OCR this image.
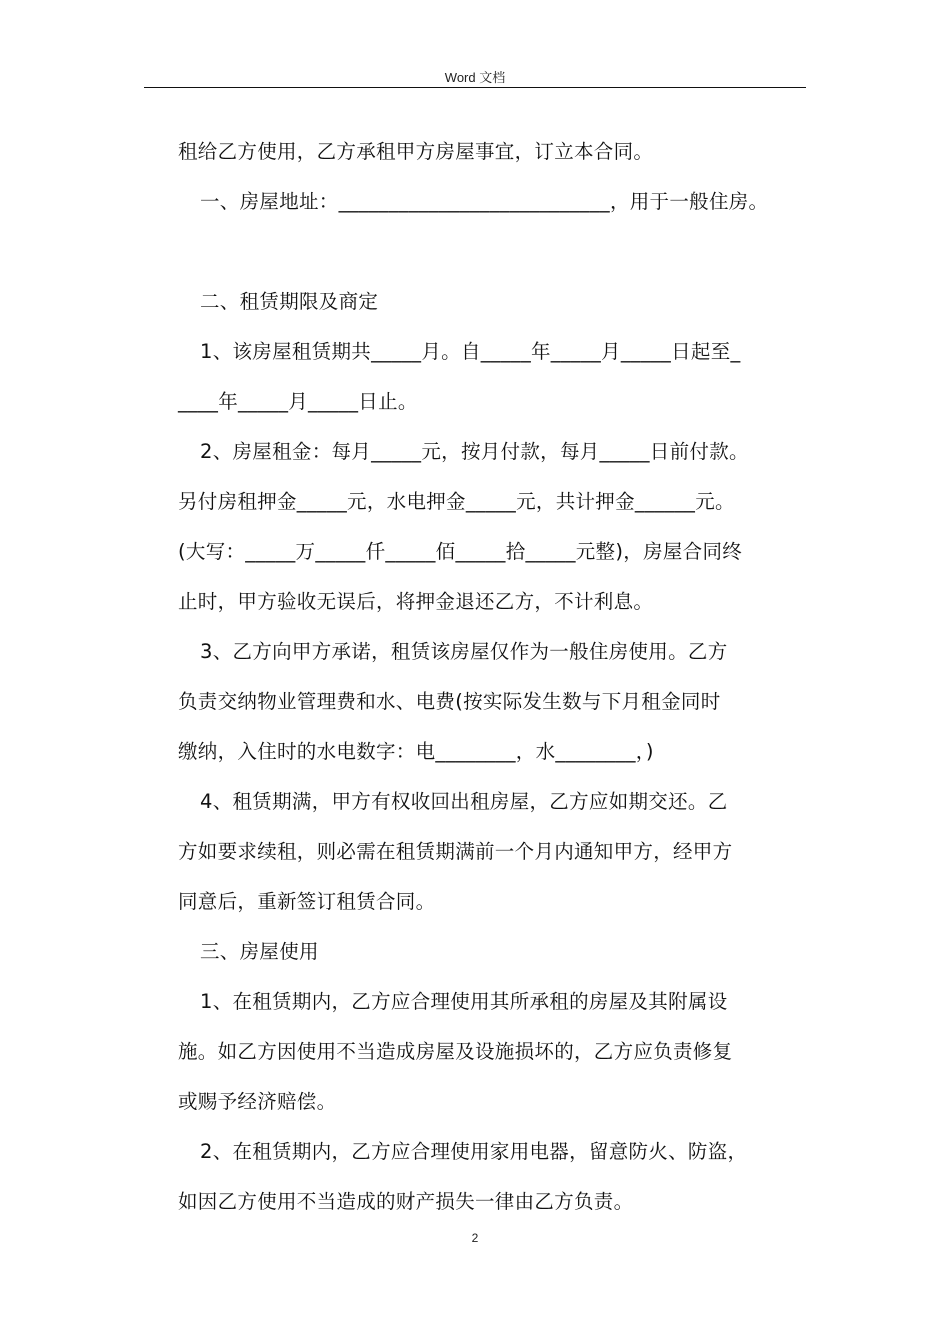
Word 文档
租给乙方使用，乙方承租甲方房屋事宜，订立本合同。
一、房屋地址：___________________________，用于一般住房。
二、租赁期限及商定
1、该房屋租赁期共_____月。自_____年_____月_____日起至_
____年_____月_____日止。
2、房屋租金：每月_____元，按月付款，每月_____日前付款。
另付房租押金_____元，水电押金_____元，共计押金______元。
(大写：_____万_____仟_____佰_____拾_____元整)，房屋合同终
止时，甲方验收无误后，将押金退还乙方，不计利息。
3、乙方向甲方承诺，租赁该房屋仅作为一般住房使用。乙方
负责交纳物业管理费和水、电费(按实际发生数与下月租金同时
缴纳，入住时的水电数字：电________，水________，)
4、租赁期满，甲方有权收回出租房屋，乙方应如期交还。乙
方如要求续租，则必需在租赁期满前一个月内通知甲方，经甲方
同意后，重新签订租赁合同。
三、房屋使用
1、在租赁期内，乙方应合理使用其所承租的房屋及其附属设
施。如乙方因使用不当造成房屋及设施损坏的，乙方应负责修复
或赐予经济赔偿。
2、在租赁期内，乙方应合理使用家用电器，留意防火、防盗，
如因乙方使用不当造成的财产损失一律由乙方负责。
2
